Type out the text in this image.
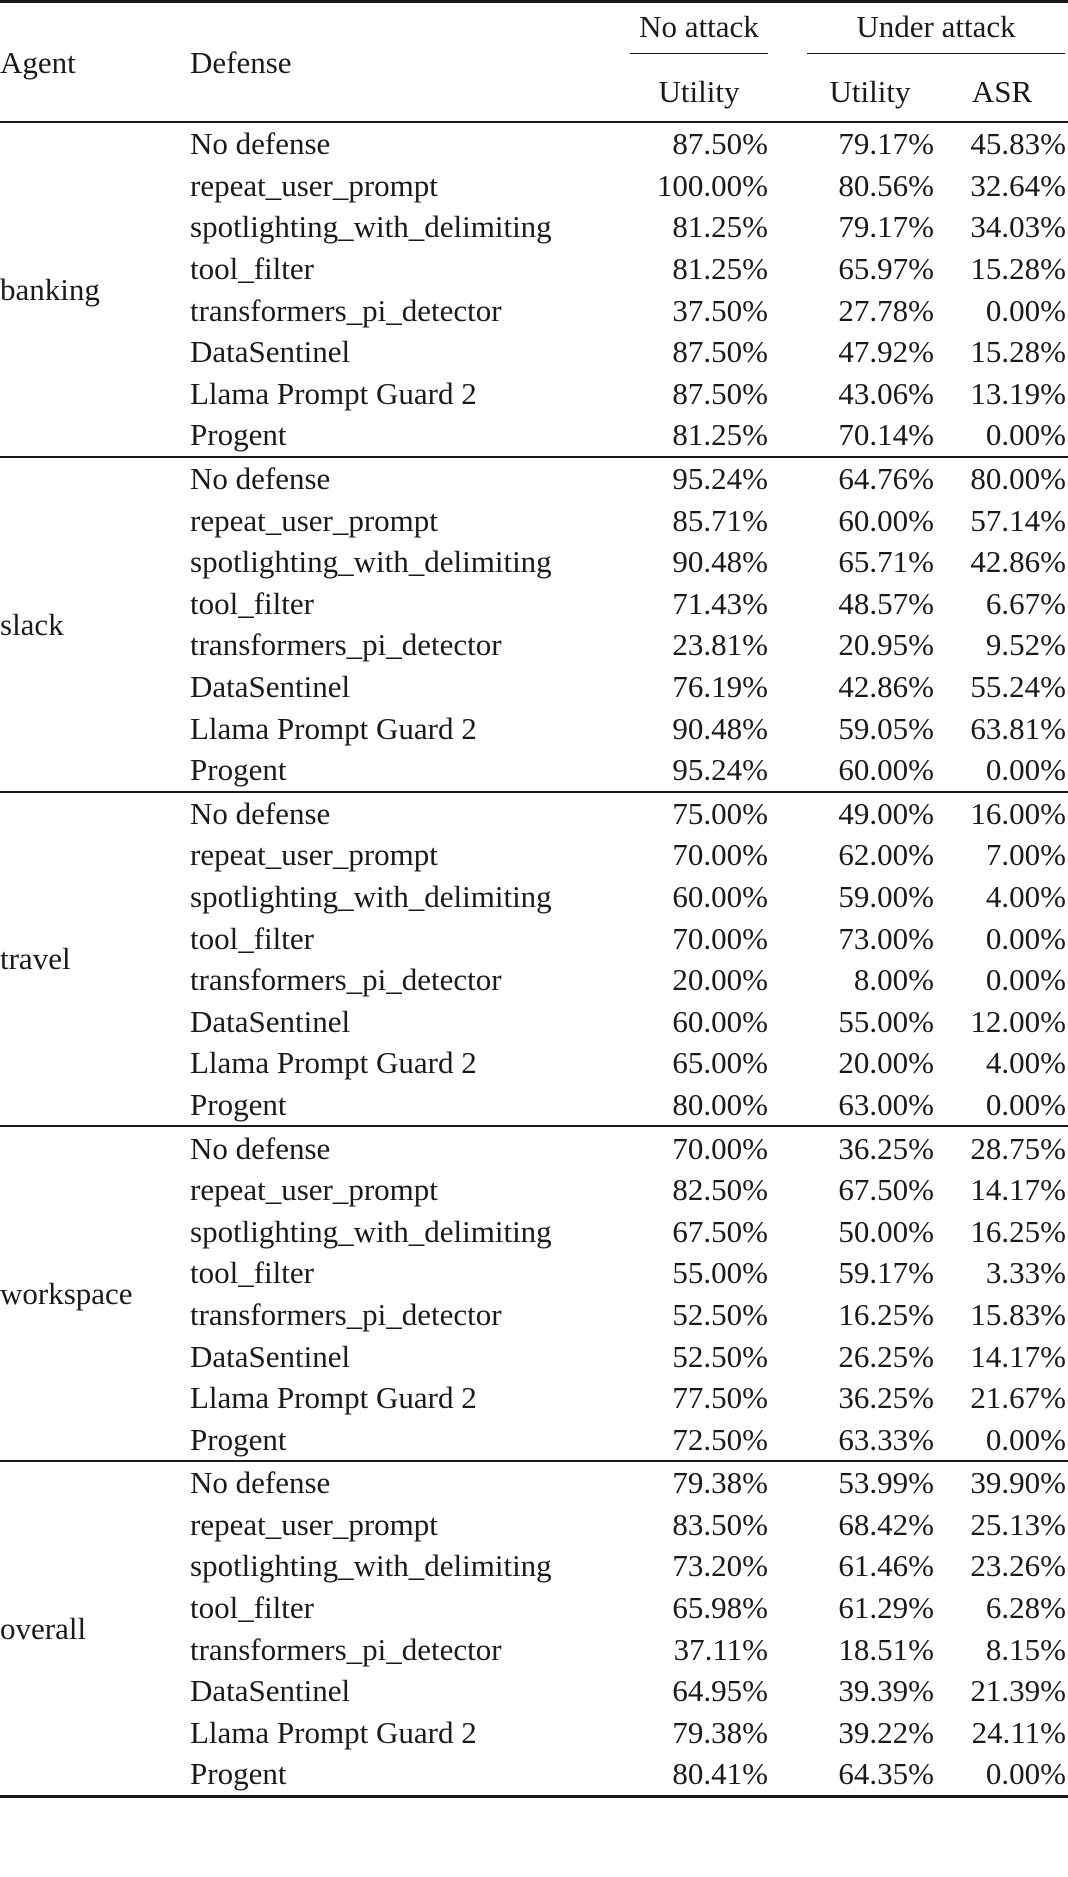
Agent	Defense	No attack		Under attack	
		Utility		Utility	ASR
banking	No defense	87.50%		79.17%	45.83%
	repeat_user_prompt	100.00%		80.56%	32.64%
	spotlighting_with_delimiting	81.25%		79.17%	34.03%
	tool_filter	81.25%		65.97%	15.28%
	transformers_pi_detector	37.50%		27.78%	0.00%
	DataSentinel	87.50%		47.92%	15.28%
	Llama Prompt Guard 2	87.50%		43.06%	13.19%
	Progent	81.25%		70.14%	0.00%
slack	No defense	95.24%		64.76%	80.00%
	repeat_user_prompt	85.71%		60.00%	57.14%
	spotlighting_with_delimiting	90.48%		65.71%	42.86%
	tool_filter	71.43%		48.57%	6.67%
	transformers_pi_detector	23.81%		20.95%	9.52%
	DataSentinel	76.19%		42.86%	55.24%
	Llama Prompt Guard 2	90.48%		59.05%	63.81%
	Progent	95.24%		60.00%	0.00%
travel	No defense	75.00%		49.00%	16.00%
	repeat_user_prompt	70.00%		62.00%	7.00%
	spotlighting_with_delimiting	60.00%		59.00%	4.00%
	tool_filter	70.00%		73.00%	0.00%
	transformers_pi_detector	20.00%		8.00%	0.00%
	DataSentinel	60.00%		55.00%	12.00%
	Llama Prompt Guard 2	65.00%		20.00%	4.00%
	Progent	80.00%		63.00%	0.00%
workspace	No defense	70.00%		36.25%	28.75%
	repeat_user_prompt	82.50%		67.50%	14.17%
	spotlighting_with_delimiting	67.50%		50.00%	16.25%
	tool_filter	55.00%		59.17%	3.33%
	transformers_pi_detector	52.50%		16.25%	15.83%
	DataSentinel	52.50%		26.25%	14.17%
	Llama Prompt Guard 2	77.50%		36.25%	21.67%
	Progent	72.50%		63.33%	0.00%
overall	No defense	79.38%		53.99%	39.90%
	repeat_user_prompt	83.50%		68.42%	25.13%
	spotlighting_with_delimiting	73.20%		61.46%	23.26%
	tool_filter	65.98%		61.29%	6.28%
	transformers_pi_detector	37.11%		18.51%	8.15%
	DataSentinel	64.95%		39.39%	21.39%
	Llama Prompt Guard 2	79.38%		39.22%	24.11%
	Progent	80.41%		64.35%	0.00%
